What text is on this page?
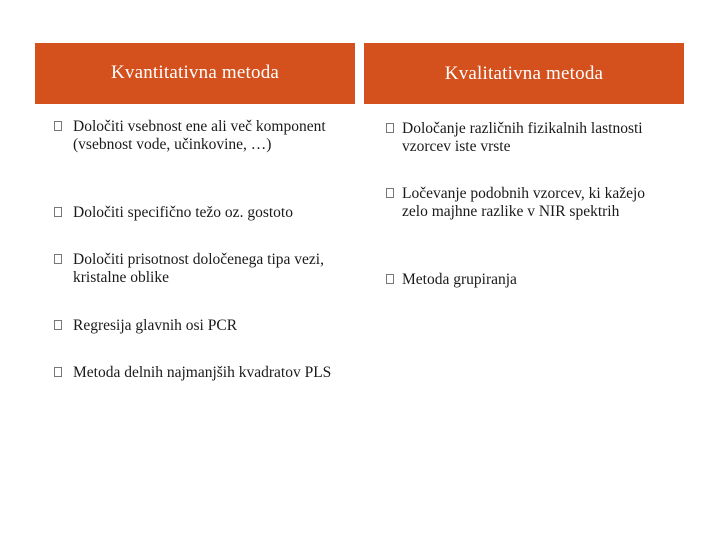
Kvantitativna metoda	Kvalitativna metoda
Določiti vsebnost ene ali več komponent (vsebnost vode, učinkovine, …)
Določiti specifično težo oz. gostoto
Določiti prisotnost določenega tipa vezi, kristalne oblike
Regresija glavnih osi PCR
Metoda delnih najmanjših kvadratov PLS
Določanje različnih fizikalnih lastnosti vzorcev iste vrste
Ločevanje podobnih vzorcev, ki kažejo zelo majhne razlike v NIR spektrih
Metoda grupiranja
